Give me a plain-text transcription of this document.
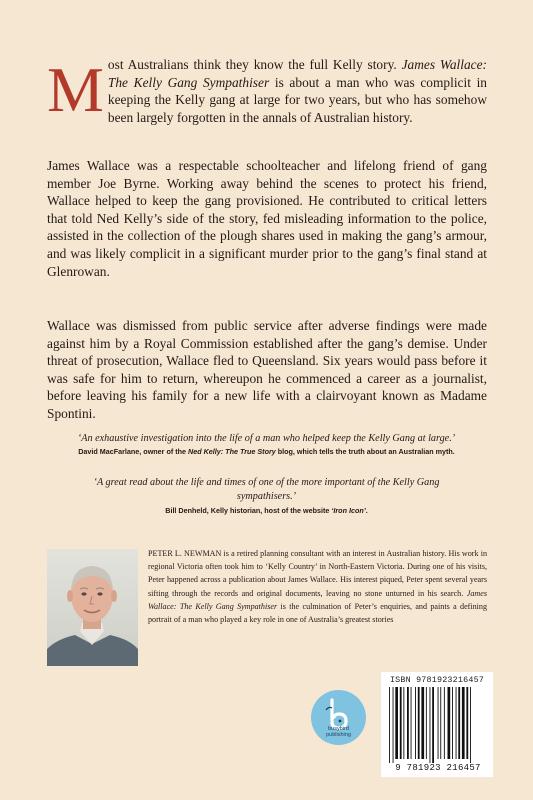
Most Australians think they know the full Kelly story. James Wallace: The Kelly Gang Sympathiser is about a man who was complicit in keeping the Kelly gang at large for two years, but who has somehow been largely forgotten in the annals of Australian history.

James Wallace was a respectable schoolteacher and lifelong friend of gang member Joe Byrne. Working away behind the scenes to protect his friend, Wallace helped to keep the gang provisioned. He contributed to critical letters that told Ned Kelly’s side of the story, fed misleading information to the police, assisted in the collection of the plough shares used in making the gang’s armour, and was likely complicit in a significant murder prior to the gang’s final stand at Glenrowan.

Wallace was dismissed from public service after adverse findings were made against him by a Royal Commission established after the gang’s demise. Under threat of prosecution, Wallace fled to Queensland. Six years would pass before it was safe for him to return, whereupon he commenced a career as a journalist, before leaving his family for a new life with a clairvoyant known as Madame Spontini.

‘An exhaustive investigation into the life of a man who helped keep the Kelly Gang at large.’

David MacFarlane, owner of the Ned Kelly: The True Story blog, which tells the truth about an Australian myth.

‘A great read about the life and times of one of the more important of the Kelly Gang sympathisers.’

Bill Denheld, Kelly historian, host of the website ‘Iron Icon’.

PETER L. NEWMAN is a retired planning consultant with an interest in Australian history. His work in regional Victoria often took him to ‘Kelly Country’ in North-Eastern Victoria. During one of his visits, Peter happened across a publication about James Wallace. His interest piqued, Peter spent several years sifting through the records and original documents, leaving no stone unturned in his search. James Wallace: The Kelly Gang Sympathiser is the culmination of Peter’s enquiries, and paints a defining portrait of a man who played a key role in one of Australia’s greatest stories

busybird
publishing
ISBN 9781923216457
9 781923 216457
